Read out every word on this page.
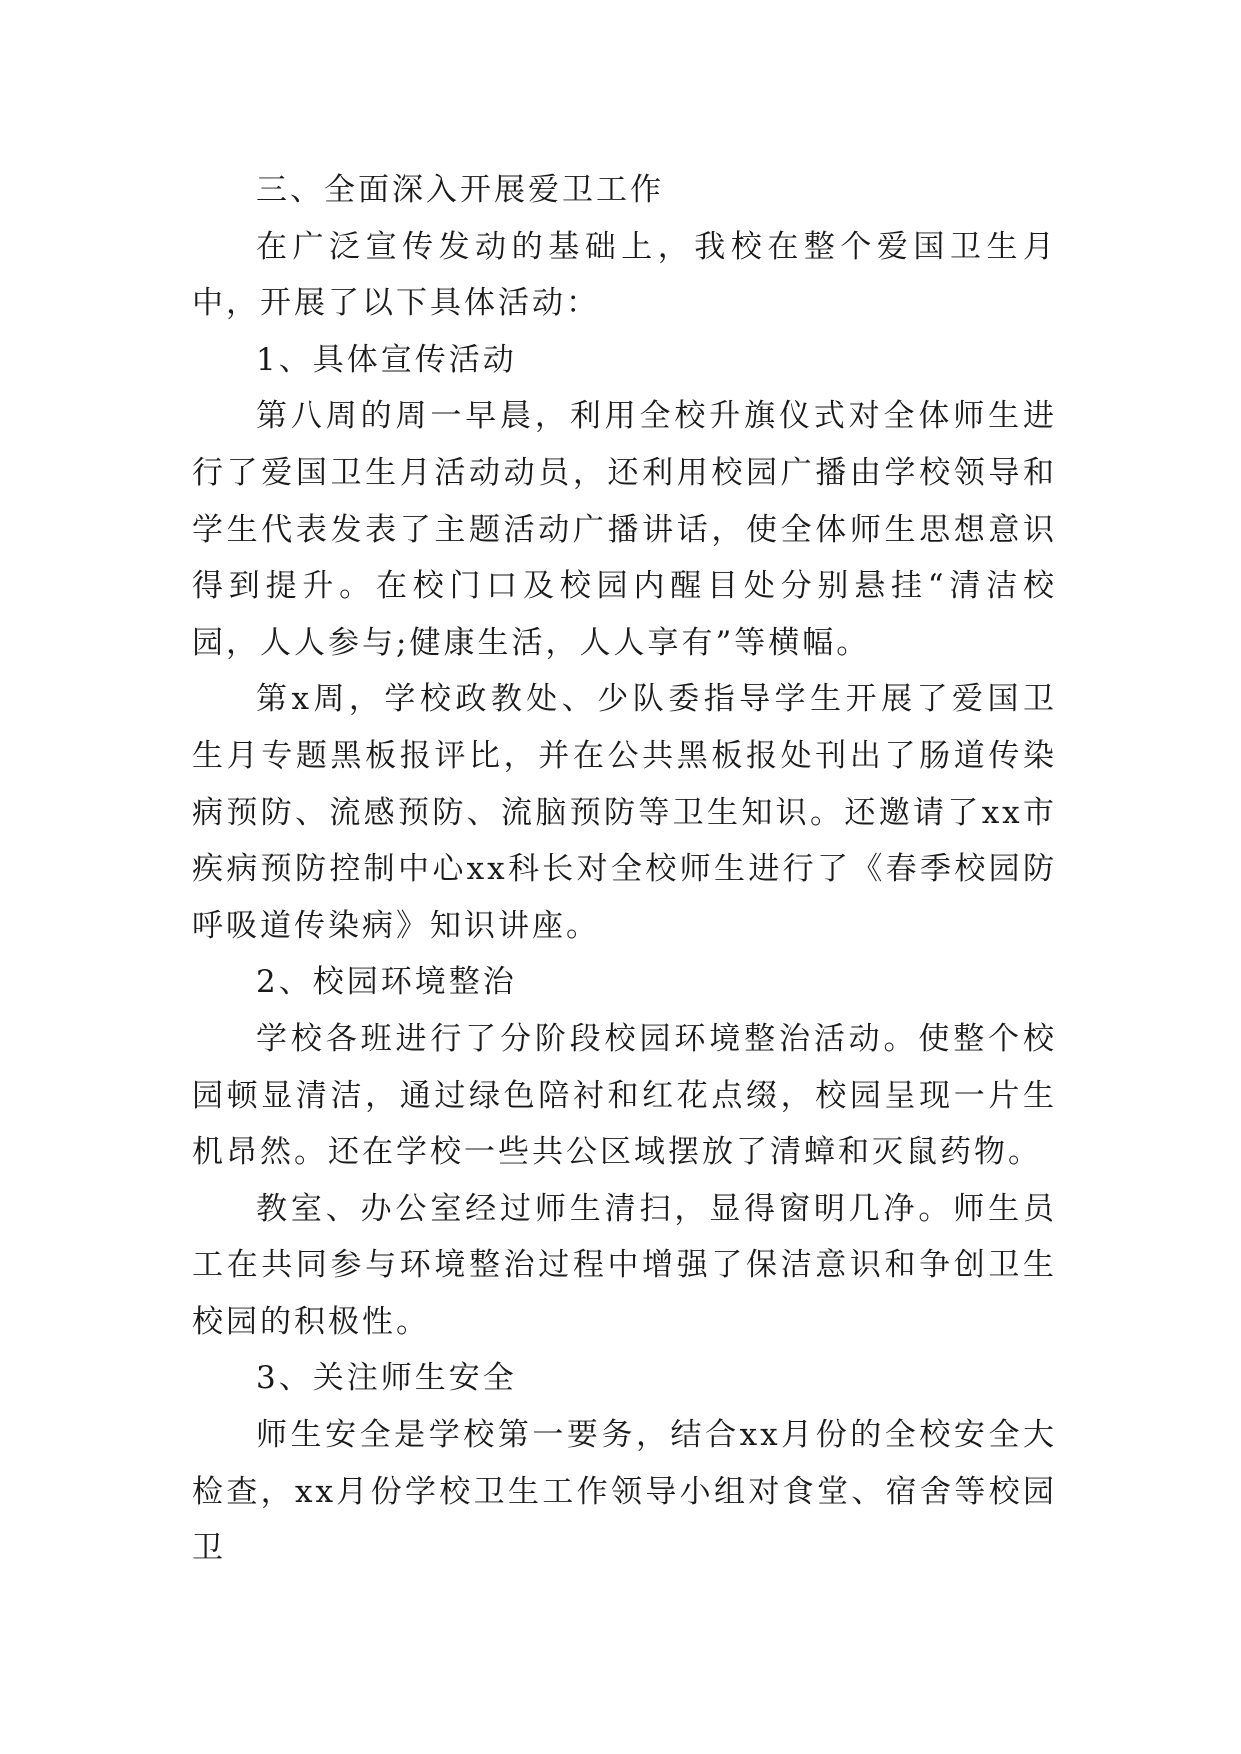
三、全面深入开展爱卫工作

在广泛宣传发动的基础上，我校在整个爱国卫生月中，开展了以下具体活动：

1、具体宣传活动

第八周的周一早晨，利用全校升旗仪式对全体师生进行了爱国卫生月活动动员，还利用校园广播由学校领导和学生代表发表了主题活动广播讲话，使全体师生思想意识得到提升。在校门口及校园内醒目处分别悬挂“清洁校园，人人参与;健康生活，人人享有”等横幅。

第x周，学校政教处、少队委指导学生开展了爱国卫生月专题黑板报评比，并在公共黑板报处刊出了肠道传染病预防、流感预防、流脑预防等卫生知识。还邀请了xx市疾病预防控制中心xx科长对全校师生进行了《春季校园防呼吸道传染病》知识讲座。

2、校园环境整治

学校各班进行了分阶段校园环境整治活动。使整个校园顿显清洁，通过绿色陪衬和红花点缀，校园呈现一片生机昂然。还在学校一些共公区域摆放了清蟑和灭鼠药物。

教室、办公室经过师生清扫，显得窗明几净。师生员工在共同参与环境整治过程中增强了保洁意识和争创卫生校园的积极性。

3、关注师生安全

师生安全是学校第一要务，结合xx月份的全校安全大检查，xx月份学校卫生工作领导小组对食堂、宿舍等校园卫
